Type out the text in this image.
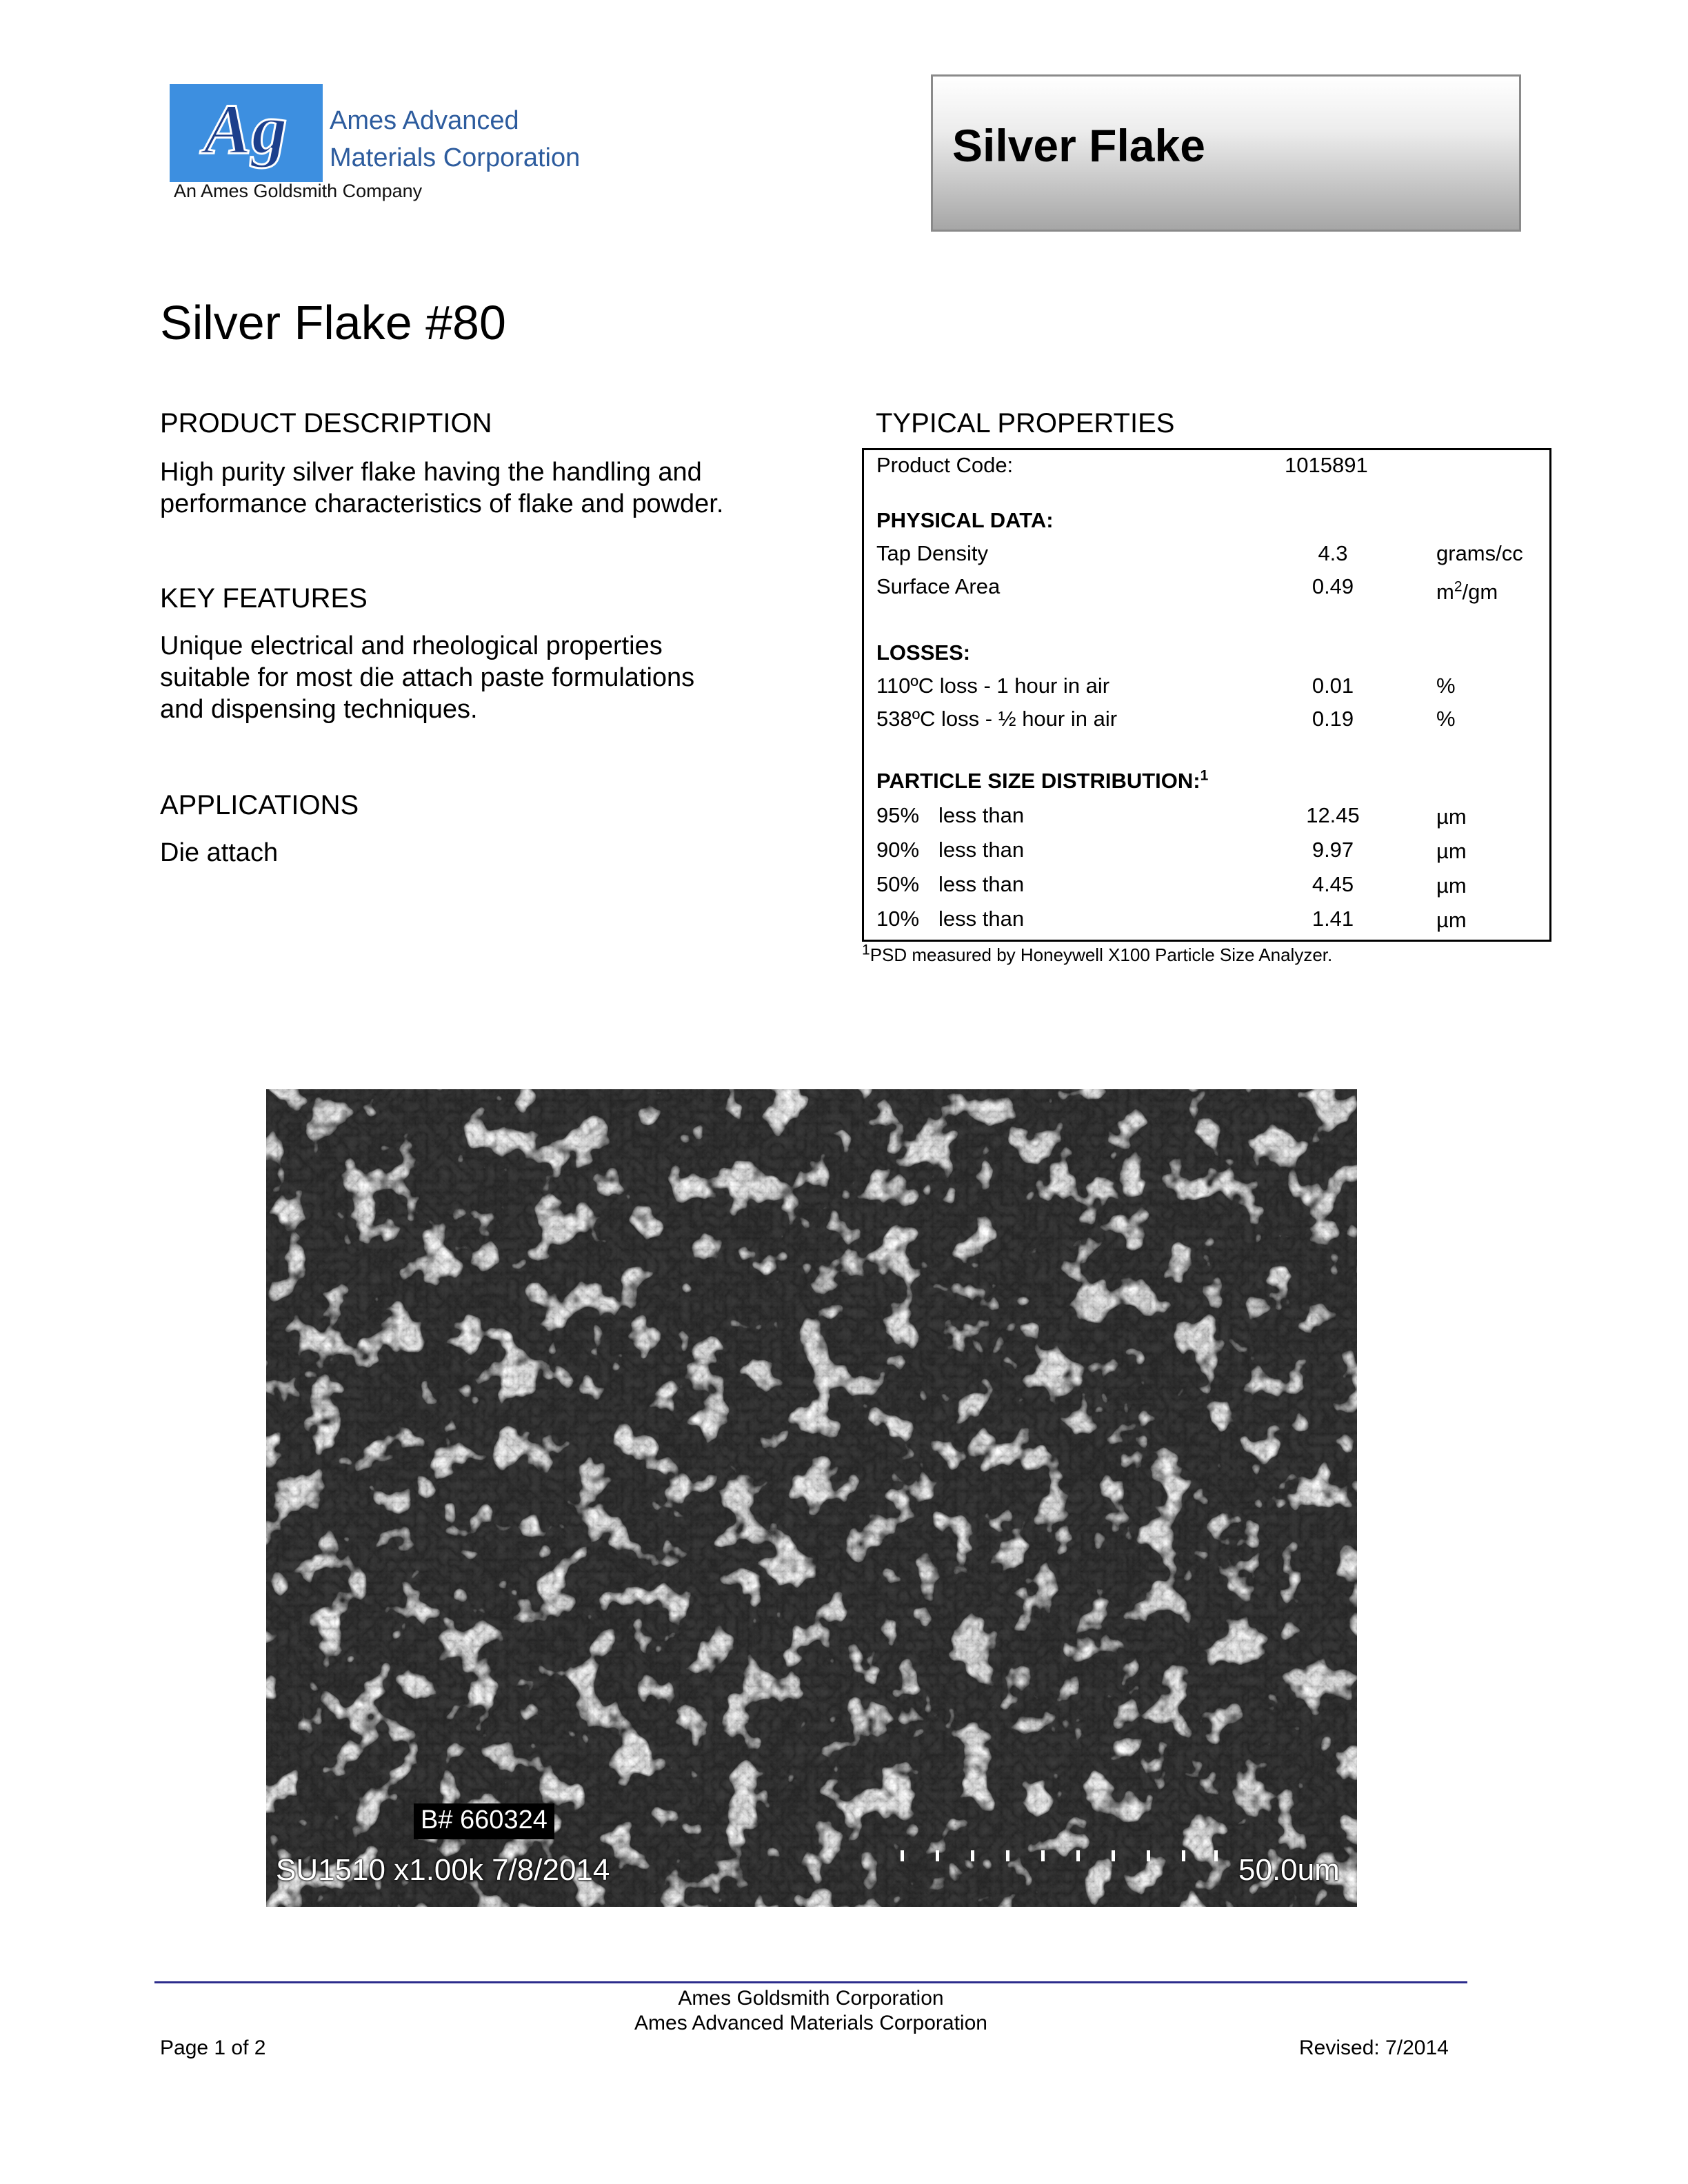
Ag Ames Advanced
Materials Corporation
An Ames Goldsmith Company
Silver Flake
Silver Flake #80
PRODUCT DESCRIPTION
High purity silver flake having the handling and
performance characteristics of flake and powder.
KEY FEATURES
Unique electrical and rheological properties
suitable for most die attach paste formulations
and dispensing techniques.
APPLICATIONS
Die attach
TYPICAL PROPERTIES
Product Code:	1015891
PHYSICAL DATA:
Tap Density	4.3	grams/cc
Surface Area	0.49	$m^2/gm$
LOSSES:
110ºC loss - 1 hour in air	0.01	%
538ºC loss - ½ hour in air	0.19	%
PARTICLE SIZE DISTRIBUTION:$^1$
95% less than	12.45	µm
90% less than	9.97	µm
50% less than	4.45	µm
10% less than	1.41	µm
$^1$PSD measured by Honeywell X100 Particle Size Analyzer.
B# 660324
SU1510 x1.00k 7/8/2014	50.0um
Ames Goldsmith Corporation
Ames Advanced Materials Corporation
Page 1 of 2	Revised: 7/2014
